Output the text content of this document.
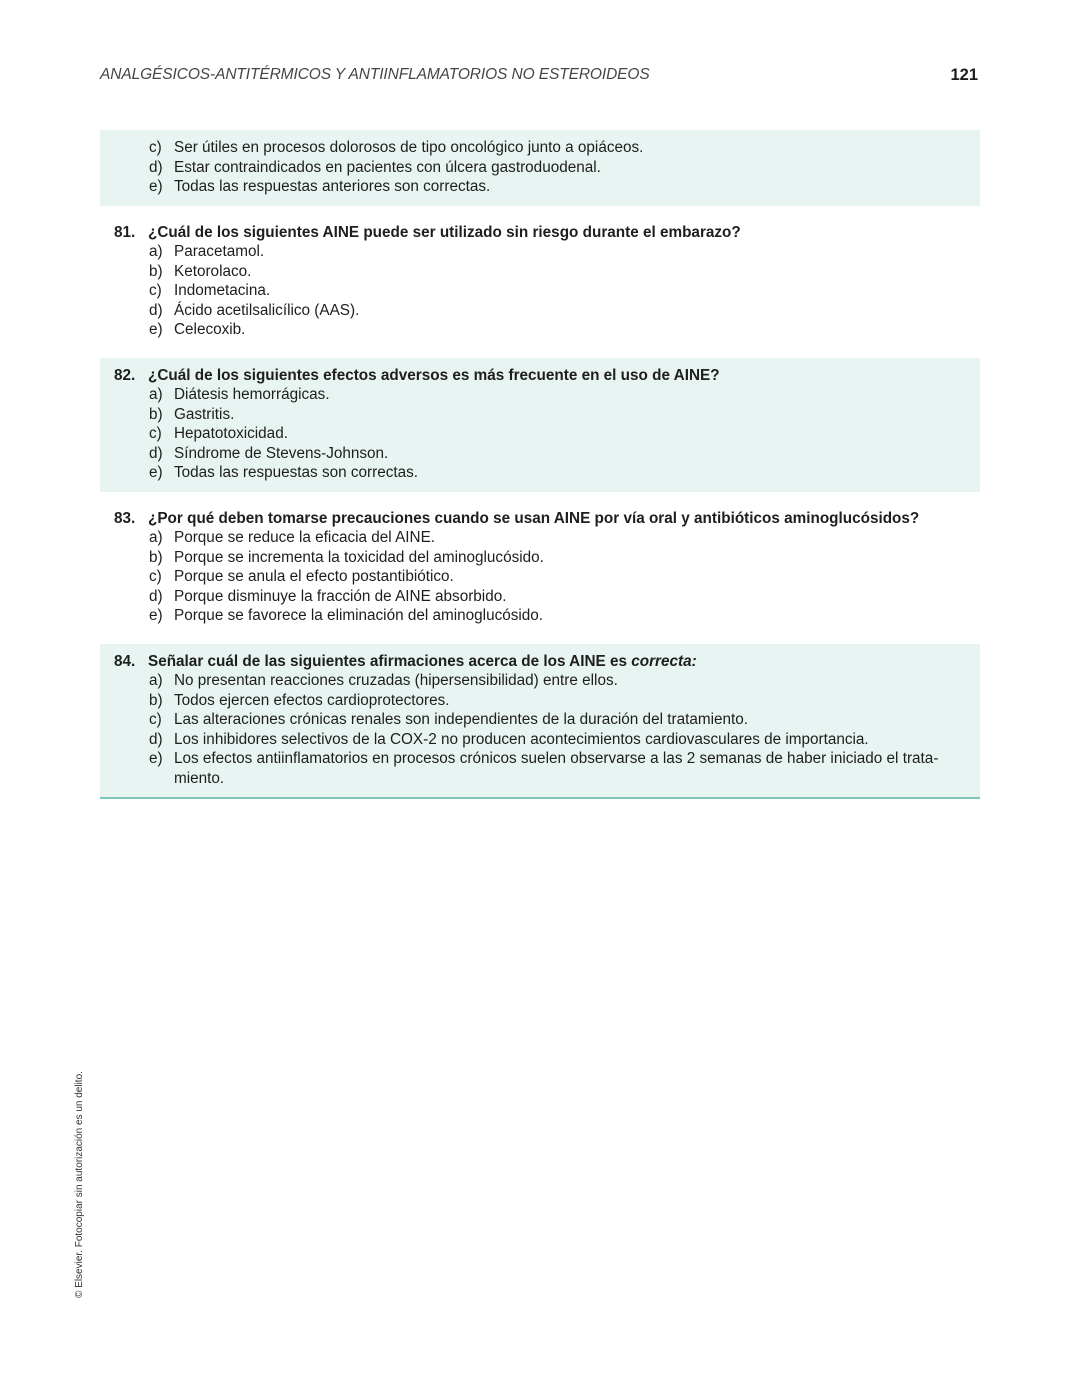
ANALGÉSICOS-ANTITÉRMICOS Y ANTIINFLAMATORIOS NO ESTEROIDEOS	121
c) Ser útiles en procesos dolorosos de tipo oncológico junto a opiáceos.
d) Estar contraindicados en pacientes con úlcera gastroduodenal.
e) Todas las respuestas anteriores son correctas.
81. ¿Cuál de los siguientes AINE puede ser utilizado sin riesgo durante el embarazo?
a) Paracetamol.
b) Ketorolaco.
c) Indometacina.
d) Ácido acetilsalicílico (AAS).
e) Celecoxib.
82. ¿Cuál de los siguientes efectos adversos es más frecuente en el uso de AINE?
a) Diátesis hemorrágicas.
b) Gastritis.
c) Hepatotoxicidad.
d) Síndrome de Stevens-Johnson.
e) Todas las respuestas son correctas.
83. ¿Por qué deben tomarse precauciones cuando se usan AINE por vía oral y antibióticos aminoglucósidos?
a) Porque se reduce la eficacia del AINE.
b) Porque se incrementa la toxicidad del aminoglucósido.
c) Porque se anula el efecto postantibiótico.
d) Porque disminuye la fracción de AINE absorbido.
e) Porque se favorece la eliminación del aminoglucósido.
84. Señalar cuál de las siguientes afirmaciones acerca de los AINE es correcta:
a) No presentan reacciones cruzadas (hipersensibilidad) entre ellos.
b) Todos ejercen efectos cardioprotectores.
c) Las alteraciones crónicas renales son independientes de la duración del tratamiento.
d) Los inhibidores selectivos de la COX-2 no producen acontecimientos cardiovasculares de importancia.
e) Los efectos antiinflamatorios en procesos crónicos suelen observarse a las 2 semanas de haber iniciado el trata-miento.
© Elsevier. Fotocopiar sin autorización es un delito.
